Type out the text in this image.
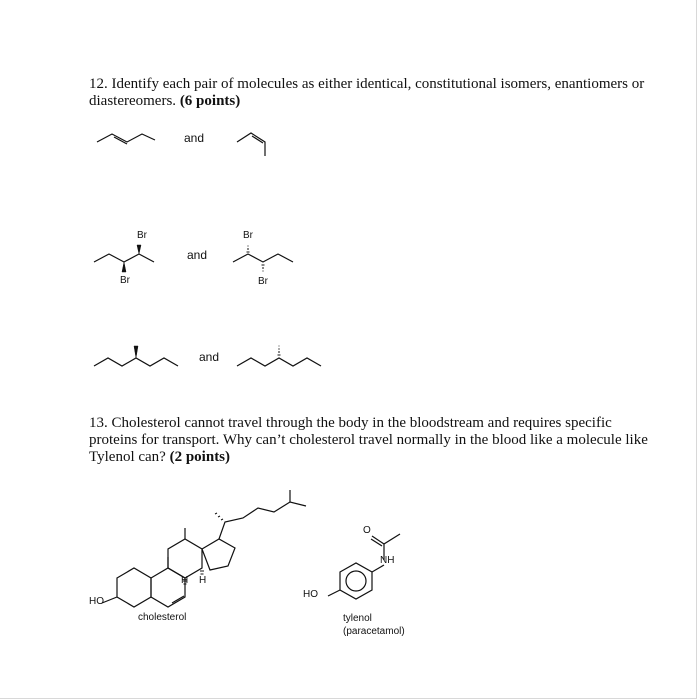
12. Identify each pair of molecules as either identical, constitutional isomers, enantiomers or diastereomers. (6 points)
and
Br
Br
and
Br
Br
and
13. Cholesterol cannot travel through the body in the bloodstream and requires specific proteins for transport. Why can’t cholesterol travel normally in the blood like a molecule like Tylenol can? (2 points)
HO
H H
cholesterol
O
NH
HO
tylenol
(paracetamol)
